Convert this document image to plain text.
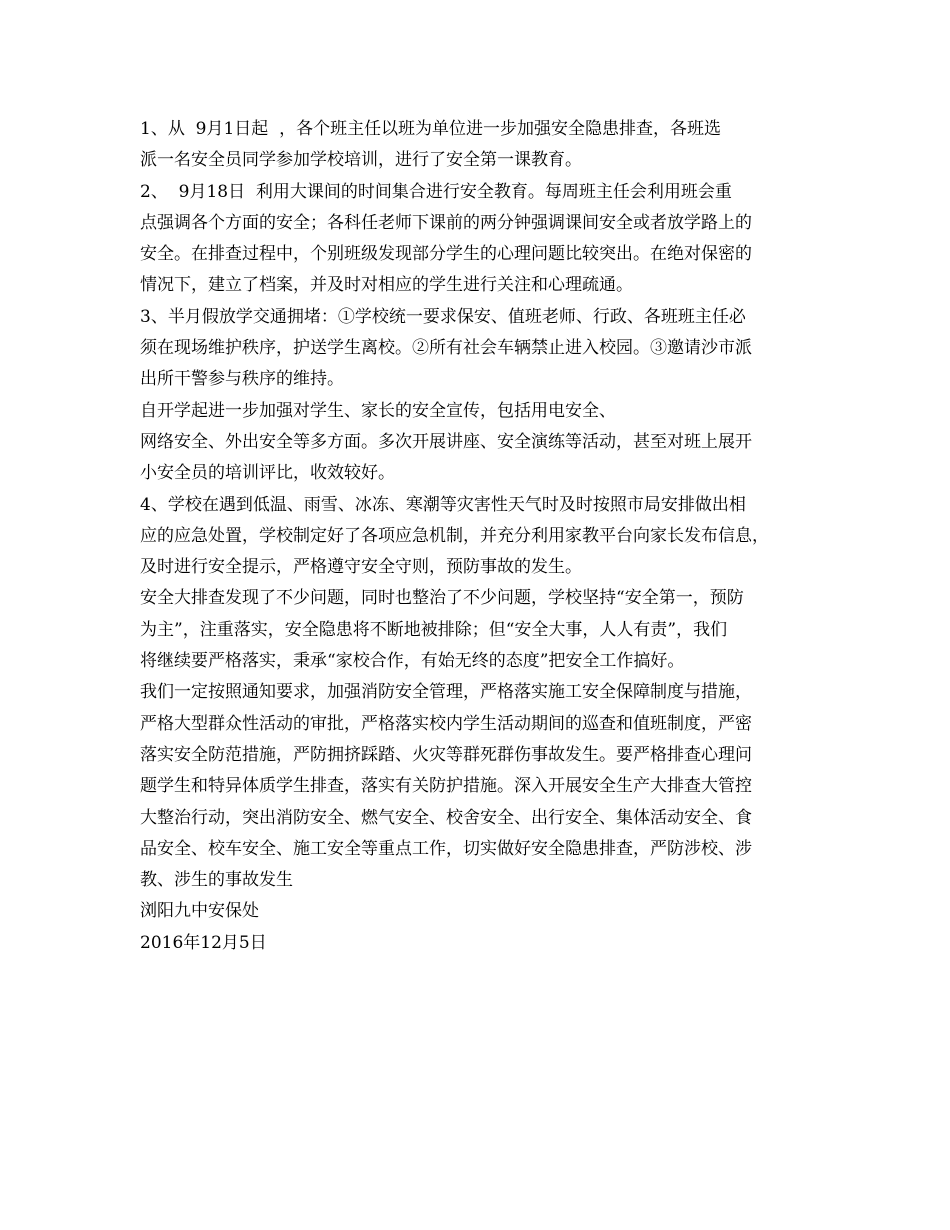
1、从  9月1日起  ，各个班主任以班为单位进一步加强安全隐患排查，各班选
派一名安全员同学参加学校培训，进行了安全第一课教育。
2、  9月18日  利用大课间的时间集合进行安全教育。每周班主任会利用班会重
点强调各个方面的安全；各科任老师下课前的两分钟强调课间安全或者放学路上的
安全。在排查过程中，个别班级发现部分学生的心理问题比较突出。在绝对保密的
情况下，建立了档案，并及时对相应的学生进行关注和心理疏通。
3、半月假放学交通拥堵：①学校统一要求保安、值班老师、行政、各班班主任必
须在现场维护秩序，护送学生离校。②所有社会车辆禁止进入校园。③邀请沙市派
出所干警参与秩序的维持。
自开学起进一步加强对学生、家长的安全宣传，包括用电安全、
网络安全、外出安全等多方面。多次开展讲座、安全演练等活动，甚至对班上展开
小安全员的培训评比，收效较好。
4、学校在遇到低温、雨雪、冰冻、寒潮等灾害性天气时及时按照市局安排做出相
应的应急处置，学校制定好了各项应急机制，并充分利用家教平台向家长发布信息，
及时进行安全提示，严格遵守安全守则，预防事故的发生。
安全大排查发现了不少问题，同时也整治了不少问题，学校坚持“安全第一，预防
为主”，注重落实，安全隐患将不断地被排除；但“安全大事，人人有责”，我们
将继续要严格落实，秉承“家校合作，有始无终的态度”把安全工作搞好。
我们一定按照通知要求，加强消防安全管理，严格落实施工安全保障制度与措施，
严格大型群众性活动的审批，严格落实校内学生活动期间的巡查和值班制度，严密
落实安全防范措施，严防拥挤踩踏、火灾等群死群伤事故发生。要严格排查心理问
题学生和特异体质学生排查，落实有关防护措施。深入开展安全生产大排查大管控
大整治行动，突出消防安全、燃气安全、校舍安全、出行安全、集体活动安全、食
品安全、校车安全、施工安全等重点工作，切实做好安全隐患排查，严防涉校、涉
教、涉生的事故发生
浏阳九中安保处
2016年12月5日
